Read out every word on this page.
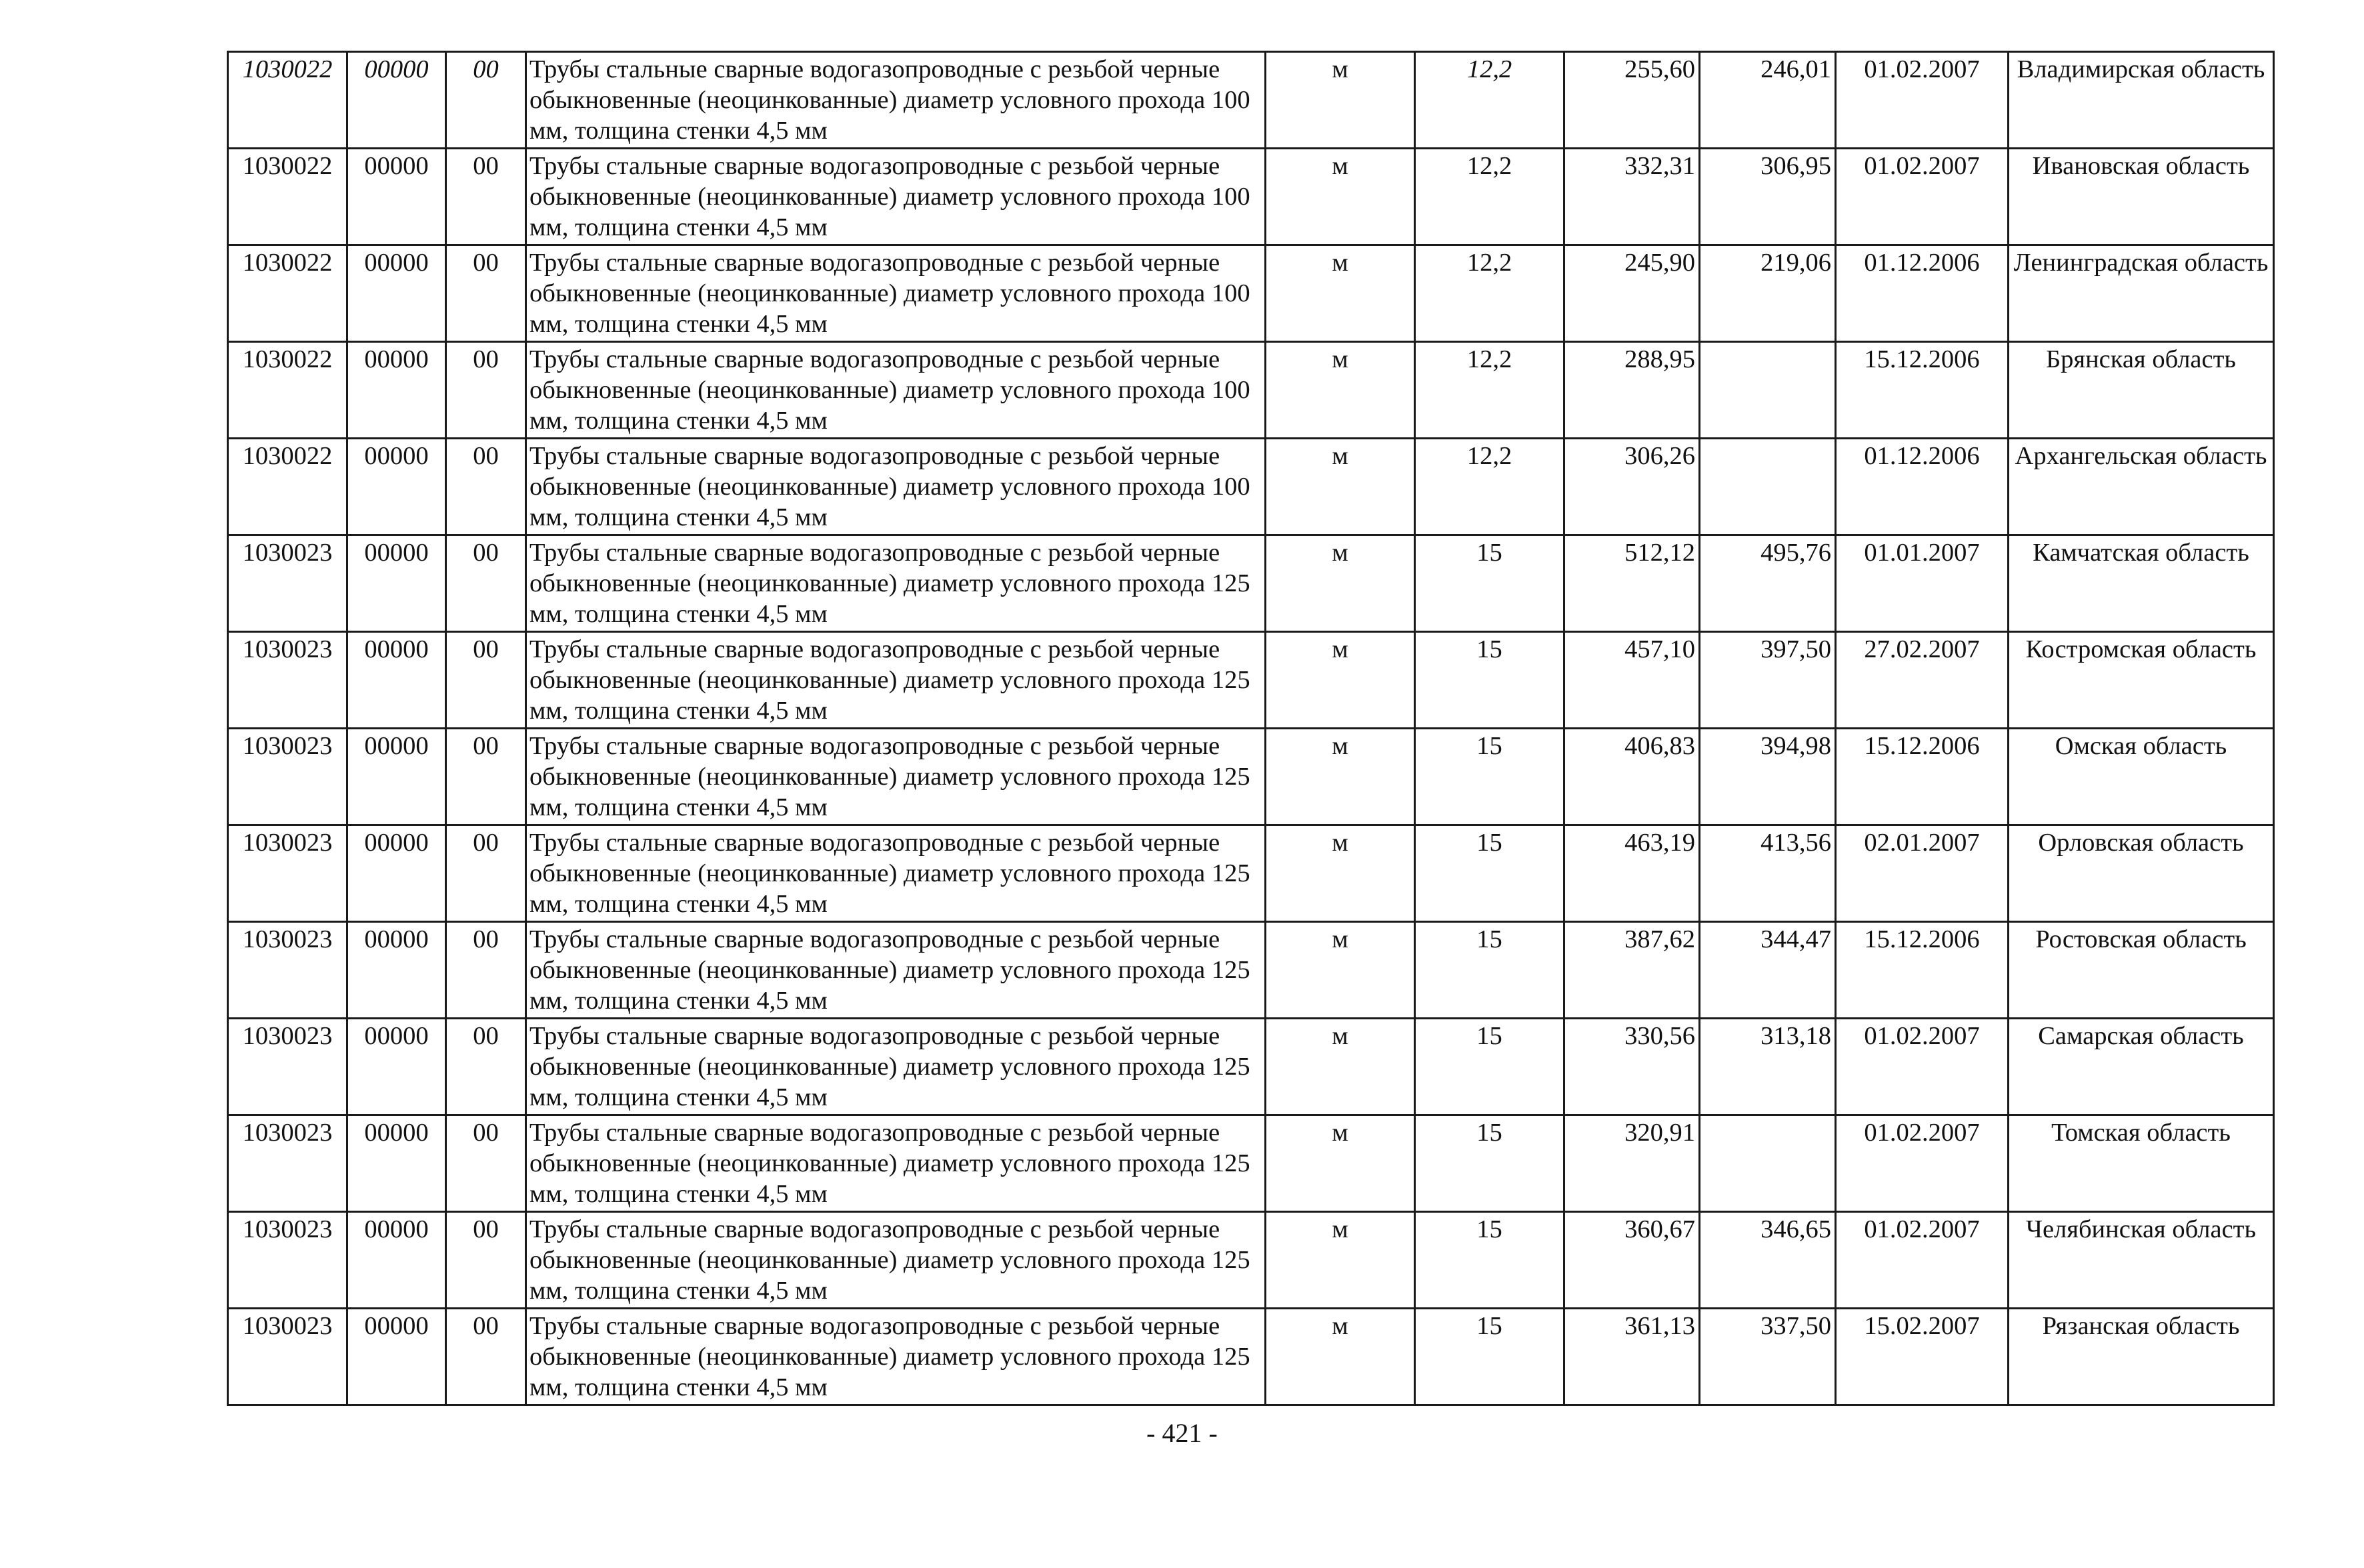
1030022	00000	00	Трубы стальные сварные водогазопроводные с резьбой черные обыкновенные (неоцинкованные) диаметр условного прохода 100 мм, толщина стенки 4,5 мм	м	12,2	255,60	246,01	01.02.2007	Владимирская область
1030022	00000	00	Трубы стальные сварные водогазопроводные с резьбой черные обыкновенные (неоцинкованные) диаметр условного прохода 100 мм, толщина стенки 4,5 мм	м	12,2	332,31	306,95	01.02.2007	Ивановская область
1030022	00000	00	Трубы стальные сварные водогазопроводные с резьбой черные обыкновенные (неоцинкованные) диаметр условного прохода 100 мм, толщина стенки 4,5 мм	м	12,2	245,90	219,06	01.12.2006	Ленинградская область
1030022	00000	00	Трубы стальные сварные водогазопроводные с резьбой черные обыкновенные (неоцинкованные) диаметр условного прохода 100 мм, толщина стенки 4,5 мм	м	12,2	288,95		15.12.2006	Брянская область
1030022	00000	00	Трубы стальные сварные водогазопроводные с резьбой черные обыкновенные (неоцинкованные) диаметр условного прохода 100 мм, толщина стенки 4,5 мм	м	12,2	306,26		01.12.2006	Архангельская область
1030023	00000	00	Трубы стальные сварные водогазопроводные с резьбой черные обыкновенные (неоцинкованные) диаметр условного прохода 125 мм, толщина стенки 4,5 мм	м	15	512,12	495,76	01.01.2007	Камчатская область
1030023	00000	00	Трубы стальные сварные водогазопроводные с резьбой черные обыкновенные (неоцинкованные) диаметр условного прохода 125 мм, толщина стенки 4,5 мм	м	15	457,10	397,50	27.02.2007	Костромская область
1030023	00000	00	Трубы стальные сварные водогазопроводные с резьбой черные обыкновенные (неоцинкованные) диаметр условного прохода 125 мм, толщина стенки 4,5 мм	м	15	406,83	394,98	15.12.2006	Омская область
1030023	00000	00	Трубы стальные сварные водогазопроводные с резьбой черные обыкновенные (неоцинкованные) диаметр условного прохода 125 мм, толщина стенки 4,5 мм	м	15	463,19	413,56	02.01.2007	Орловская область
1030023	00000	00	Трубы стальные сварные водогазопроводные с резьбой черные обыкновенные (неоцинкованные) диаметр условного прохода 125 мм, толщина стенки 4,5 мм	м	15	387,62	344,47	15.12.2006	Ростовская область
1030023	00000	00	Трубы стальные сварные водогазопроводные с резьбой черные обыкновенные (неоцинкованные) диаметр условного прохода 125 мм, толщина стенки 4,5 мм	м	15	330,56	313,18	01.02.2007	Самарская область
1030023	00000	00	Трубы стальные сварные водогазопроводные с резьбой черные обыкновенные (неоцинкованные) диаметр условного прохода 125 мм, толщина стенки 4,5 мм	м	15	320,91		01.02.2007	Томская область
1030023	00000	00	Трубы стальные сварные водогазопроводные с резьбой черные обыкновенные (неоцинкованные) диаметр условного прохода 125 мм, толщина стенки 4,5 мм	м	15	360,67	346,65	01.02.2007	Челябинская область
1030023	00000	00	Трубы стальные сварные водогазопроводные с резьбой черные обыкновенные (неоцинкованные) диаметр условного прохода 125 мм, толщина стенки 4,5 мм	м	15	361,13	337,50	15.02.2007	Рязанская область
- 421 -
